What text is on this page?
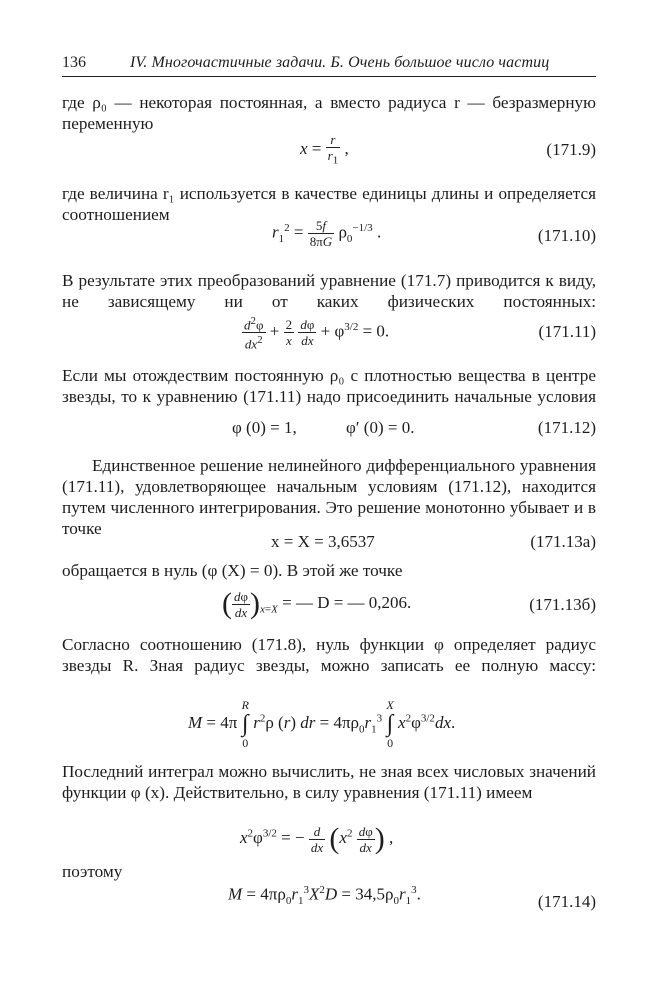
136	IV. Многочастичные задачи. Б. Очень большое число частиц

где ρ₀ — некоторая постоянная, а вместо радиуса r — безразмерную переменную

$x = \frac{r}{r_1}$ ,	(171.9)

где величина r₁ используется в качестве единицы длины и определяется соотношением

$r_1^2 = \frac{5f}{8\pi G} \rho_0^{-1/3}$ .	(171.10)

В результате этих преобразований уравнение (171.7) приводится к виду, не зависящему ни от каких физических постоянных:

$\frac{d^2\varphi}{dx^2} + \frac{2}{x}$
$\frac{d\varphi}{dx} + \varphi^{3/2} = 0$.	(171.11)

Если мы отождествим постоянную ρ₀ с плотностью вещества в центре звезды, то к уравнению (171.11) надо присоединить начальные условия

φ (0) = 1,	φ′ (0) = 0.	(171.12)

Единственное решение нелинейного дифференциального уравнения (171.11), удовлетворяющее начальным условиям (171.12), находится путем численного интегрирования. Это решение монотонно убывает и в точке

x = X = 3,6537	(171.13a)

обращается в нуль (φ (X) = 0). В этой же точке

( $\frac{d\varphi}{dx} )_{x=X}$ = — D = — 0,206.	(171.13б)

Согласно соотношению (171.8), нуль функции φ определяет радиус звезды R. Зная радиус звезды, можно записать ее полную массу:

M = 4π R
∫
0 $r^2\rho$ (r) dr = $4\pi\rho_0r_1^3$ X
∫
0 $x^2\varphi^{3/2}dx$.

Последний интеграл можно вычислить, не зная всех числовых значений функции φ (x). Действительно, в силу уравнения (171.11) имеем

$x^2\varphi^{3/2}$ = − $\frac{d}{dx} (x^2 \frac{d\varphi}{dx}$ ) ,

поэтому

$M = 4\pi\rho_0r_1^3X^2D = 34,5\rho_0r_1^3$.	(171.14)
